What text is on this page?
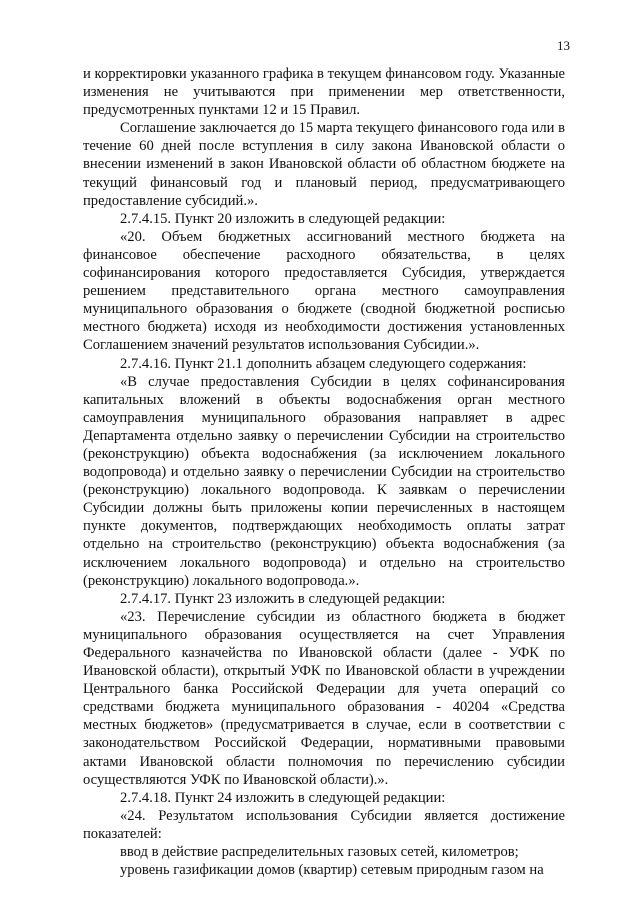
13

и корректировки указанного графика в текущем финансовом году. Указанные изменения не учитываются при применении мер ответственности, предусмотренных пунктами 12 и 15 Правил.

Соглашение заключается до 15 марта текущего финансового года или в течение 60 дней после вступления в силу закона Ивановской области о внесении изменений в закон Ивановской области об областном бюджете на текущий финансовый год и плановый период, предусматривающего предоставление субсидий.».

2.7.4.15. Пункт 20 изложить в следующей редакции:

«20. Объем бюджетных ассигнований местного бюджета на финансовое обеспечение расходного обязательства, в целях софинансирования которого предоставляется Субсидия, утверждается решением представительного органа местного самоуправления муниципального образования о бюджете (сводной бюджетной росписью местного бюджета) исходя из необходимости достижения установленных Соглашением значений результатов использования Субсидии.».

2.7.4.16. Пункт 21.1 дополнить абзацем следующего содержания:

«В случае предоставления Субсидии в целях софинансирования капитальных вложений в объекты водоснабжения орган местного самоуправления муниципального образования направляет в адрес Департамента отдельно заявку о перечислении Субсидии на строительство (реконструкцию) объекта водоснабжения (за исключением локального водопровода) и отдельно заявку о перечислении Субсидии на строительство (реконструкцию) локального водопровода. К заявкам о перечислении Субсидии должны быть приложены копии перечисленных в настоящем пункте документов, подтверждающих необходимость оплаты затрат отдельно на строительство (реконструкцию) объекта водоснабжения (за исключением локального водопровода) и отдельно на строительство (реконструкцию) локального водопровода.».

2.7.4.17. Пункт 23 изложить в следующей редакции:

«23. Перечисление субсидии из областного бюджета в бюджет муниципального образования осуществляется на счет Управления Федерального казначейства по Ивановской области (далее - УФК по Ивановской области), открытый УФК по Ивановской области в учреждении Центрального банка Российской Федерации для учета операций со средствами бюджета муниципального образования - 40204 «Средства местных бюджетов» (предусматривается в случае, если в соответствии с законодательством Российской Федерации, нормативными правовыми актами Ивановской области полномочия по перечислению субсидии осуществляются УФК по Ивановской области).».

2.7.4.18. Пункт 24 изложить в следующей редакции:

«24. Результатом использования Субсидии является достижение показателей:

ввод в действие распределительных газовых сетей, километров;

уровень газификации домов (квартир) сетевым природным газом на
